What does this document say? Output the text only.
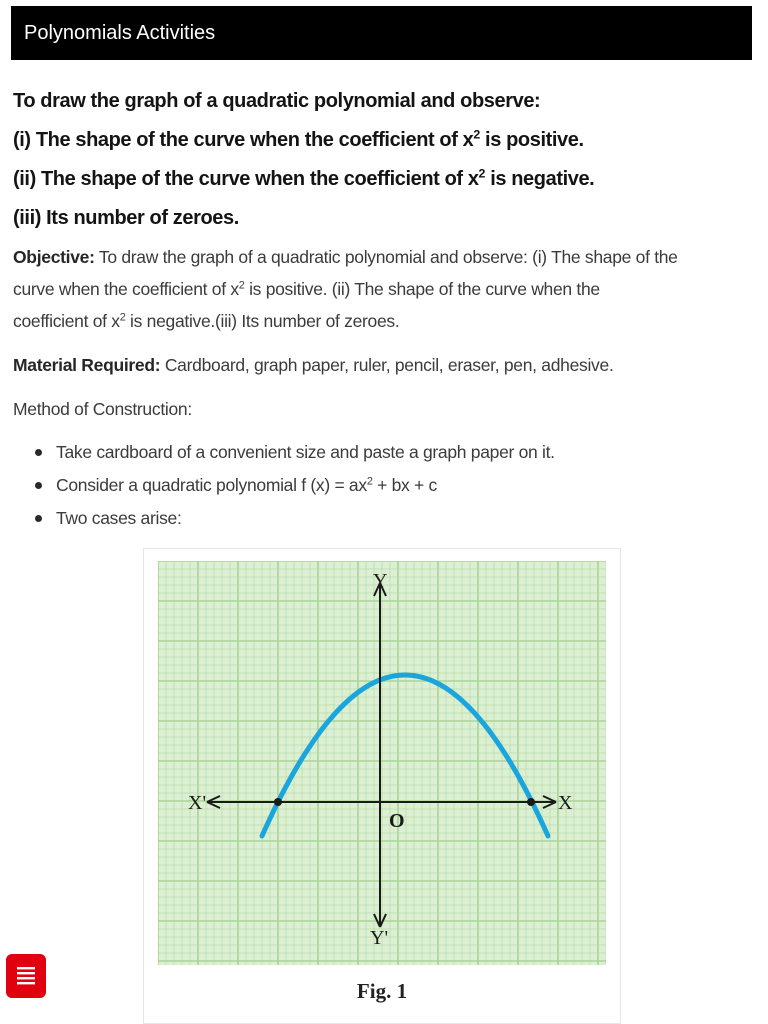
Polynomials Activities

To draw the graph of a quadratic polynomial and observe:

(i) The shape of the curve when the coefficient of $x^2$ is positive.

(ii) The shape of the curve when the coefficient of $x^2$ is negative.

(iii) Its number of zeroes.

Objective: To draw the graph of a quadratic polynomial and observe: (i) The shape of the
curve when the coefficient of $x^2$ is positive. (ii) The shape of the curve when the
coefficient of $x^2$ is negative.(iii) Its number of zeroes.
Material Required: Cardboard, graph paper, ruler, pencil, eraser, pen, adhesive.
Method of Construction:
Take cardboard of a convenient size and paste a graph paper on it.
Consider a quadratic polynomial f $(x) = ax^2$ + bx + c
Two cases arise:
Y
Y'
X
X'
O
Fig. 1
